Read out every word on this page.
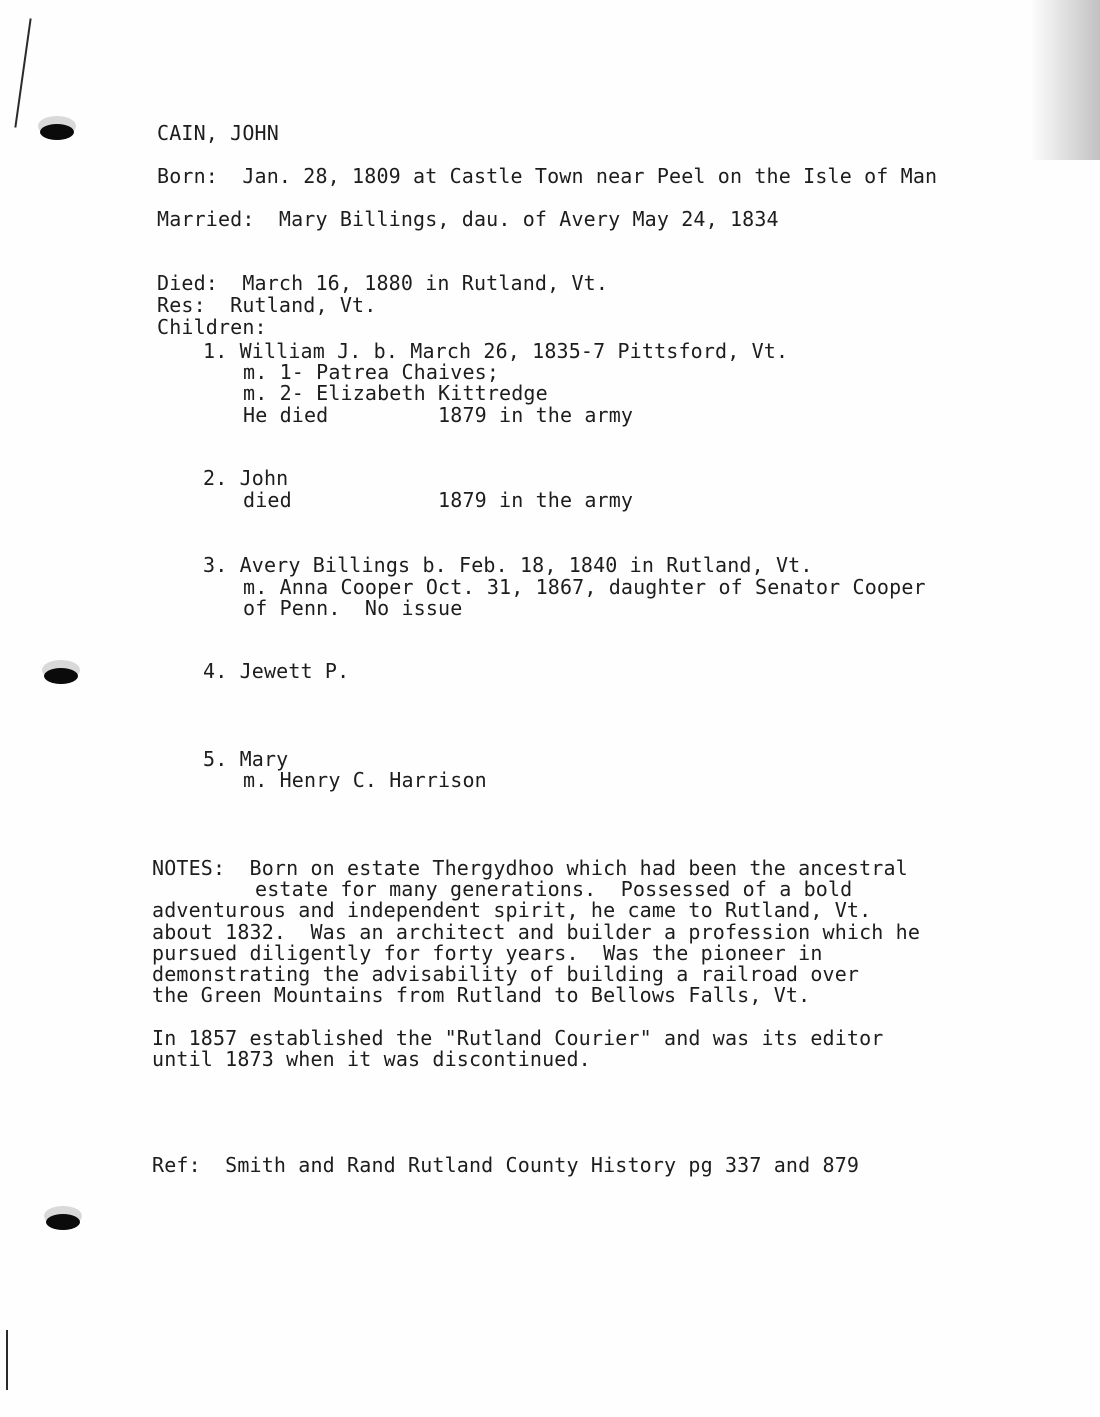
CAIN, JOHN
Born:  Jan. 28, 1809 at Castle Town near Peel on the Isle of Man
Married:  Mary Billings, dau. of Avery May 24, 1834
Died:  March 16, 1880 in Rutland, Vt.
Res:  Rutland, Vt.
Children:
1. William J. b. March 26, 1835-7 Pittsford, Vt.
m. 1- Patrea Chaives;
m. 2- Elizabeth Kittredge
He died         1879 in the army
2. John
died            1879 in the army
3. Avery Billings b. Feb. 18, 1840 in Rutland, Vt.
m. Anna Cooper Oct. 31, 1867, daughter of Senator Cooper
of Penn.  No issue
4. Jewett P.
5. Mary
m. Henry C. Harrison
NOTES:  Born on estate Thergydhoo which had been the ancestral
estate for many generations.  Possessed of a bold
adventurous and independent spirit, he came to Rutland, Vt.
about 1832.  Was an architect and builder a profession which he
pursued diligently for forty years.  Was the pioneer in
demonstrating the advisability of building a railroad over
the Green Mountains from Rutland to Bellows Falls, Vt.
In 1857 established the "Rutland Courier" and was its editor
until 1873 when it was discontinued.
Ref:  Smith and Rand Rutland County History pg 337 and 879
